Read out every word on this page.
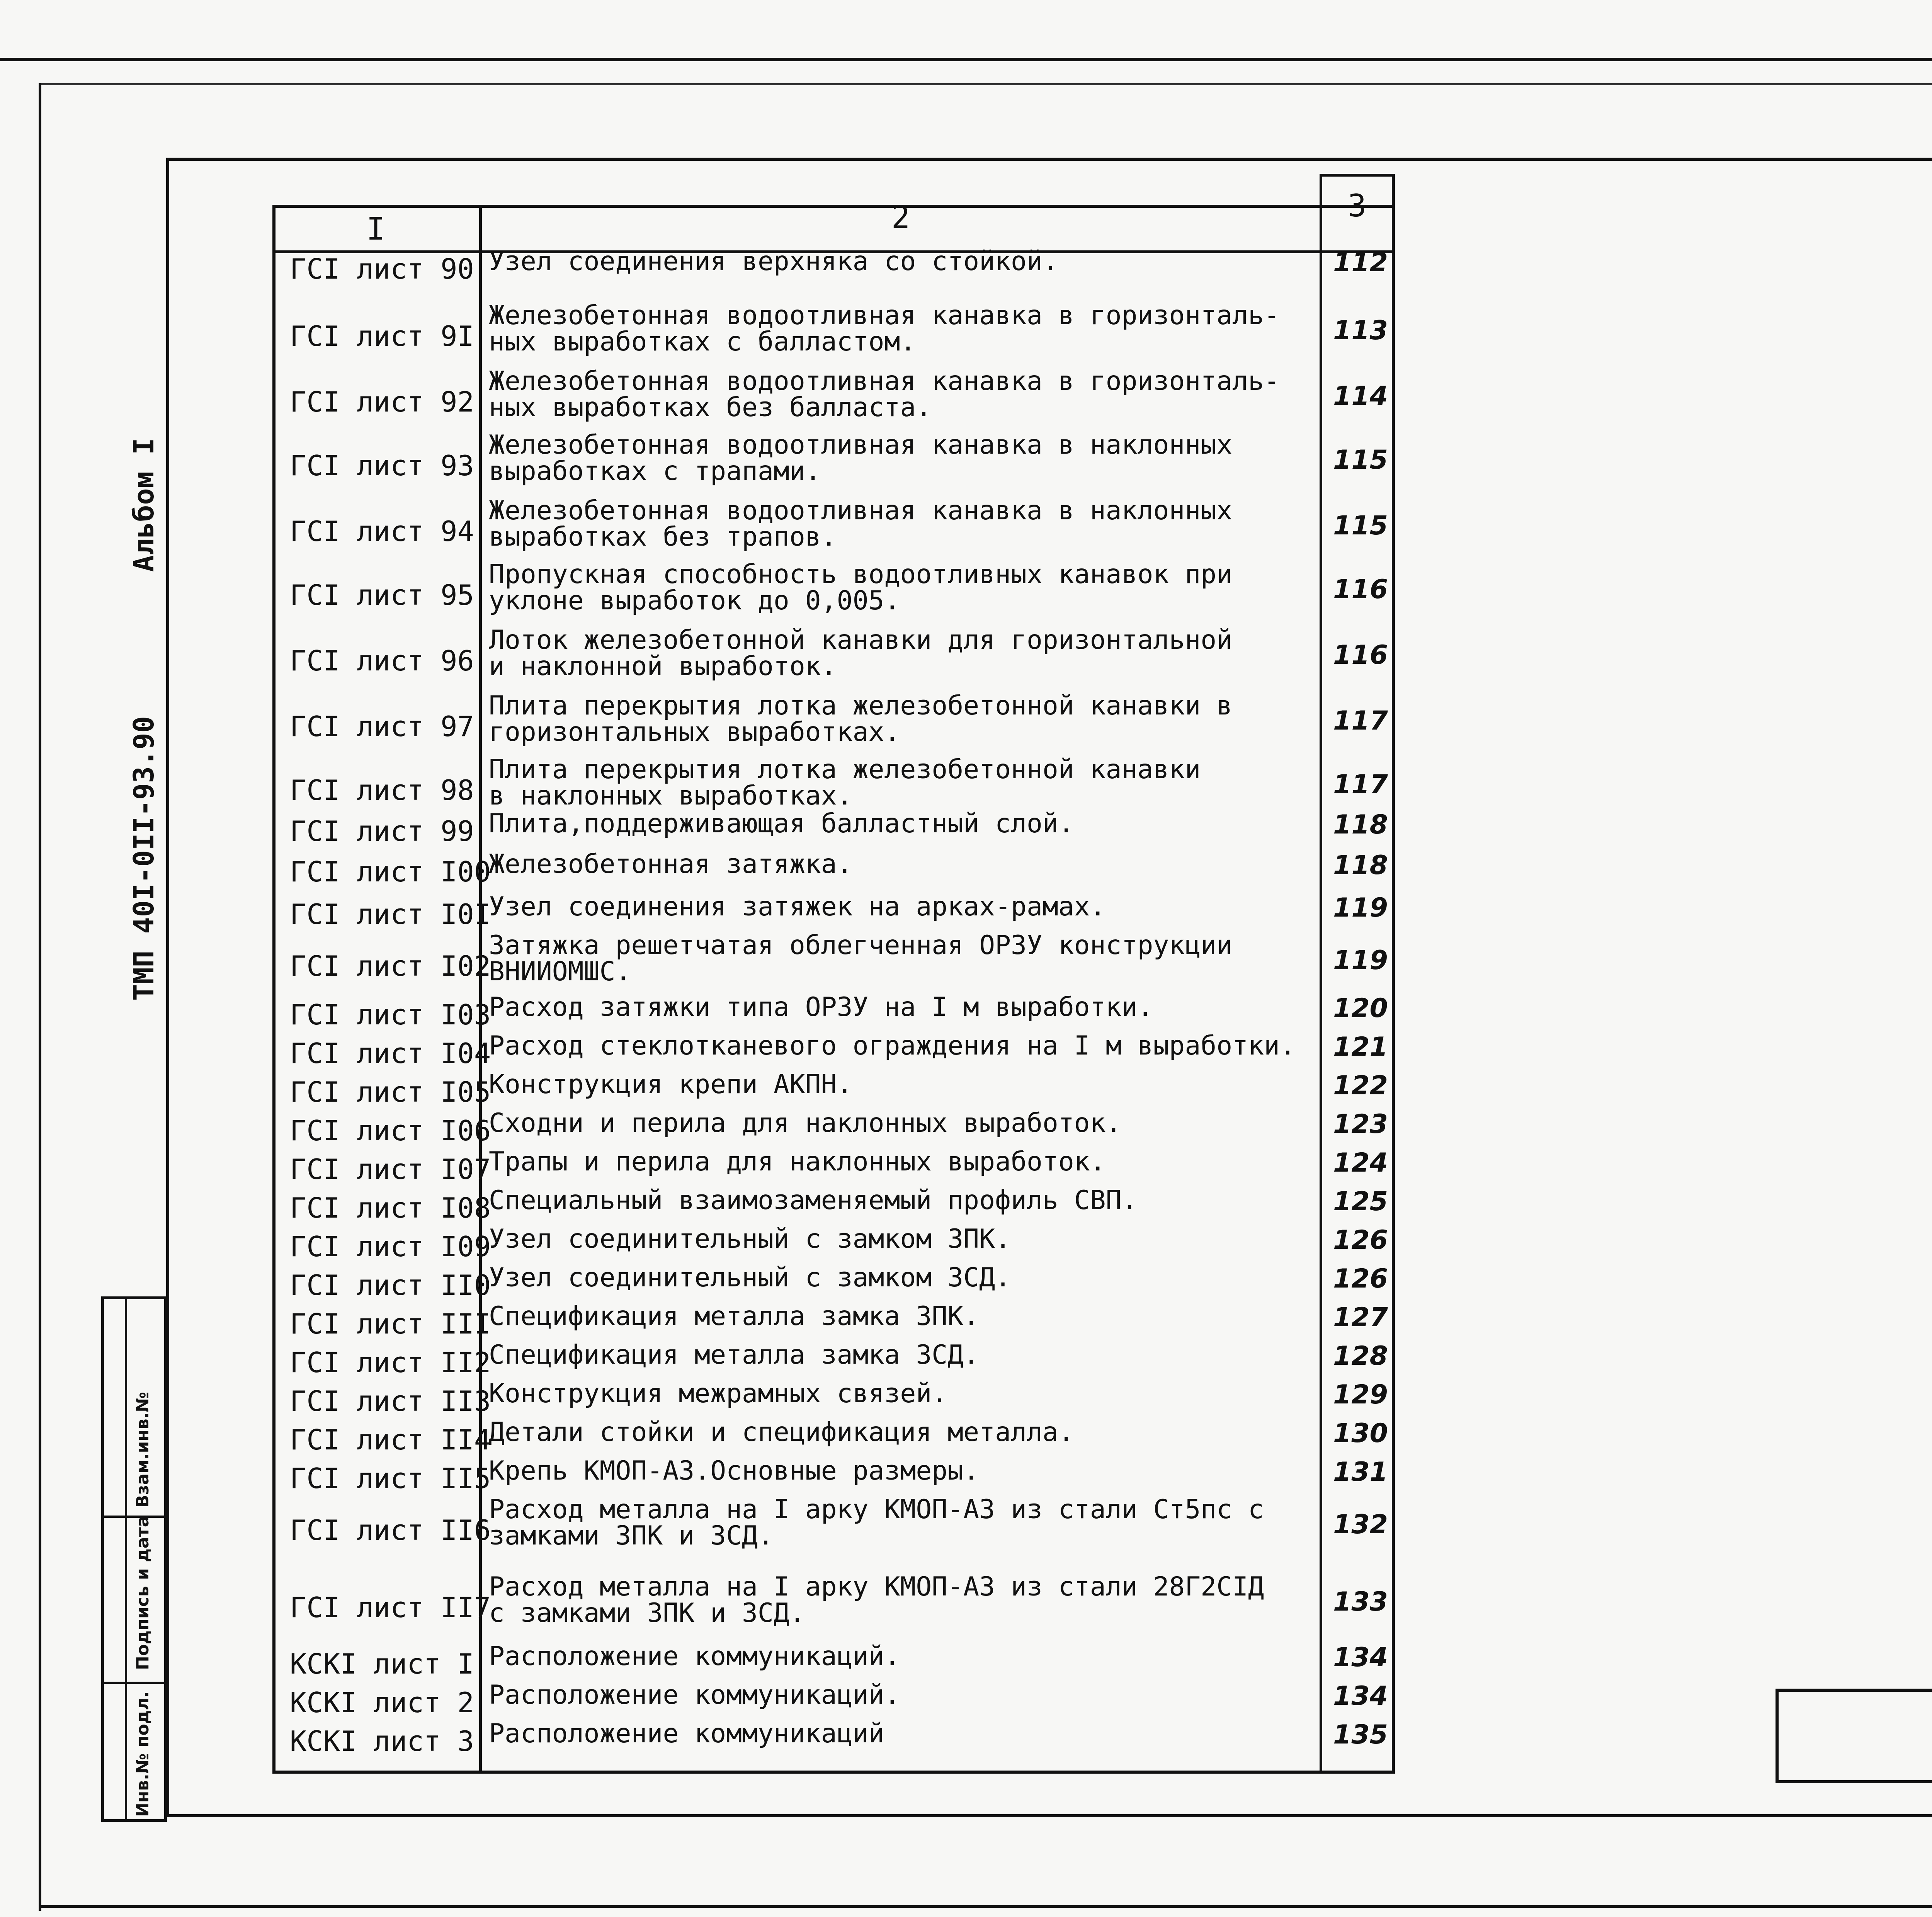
Альбом I
ТМП 40I-0II-93.90
Инв.№ подл.
Подпись и дата
Взам.инв.№
I	2	3
ГСI лист 90 Узел соединения верхняка со стойкой.	112
ГСI лист 9I
Железобетонная водоотливная канавка в горизонталь-
ных выработках с балластом.	113
ГСI лист 92
Железобетонная водоотливная канавка в горизонталь-
ных выработках без балласта.	114
ГСI лист 93
Железобетонная водоотливная канавка в наклонных
выработках с трапами.	115
ГСI лист 94
Железобетонная водоотливная канавка в наклонных
выработках без трапов.	115
ГСI лист 95
Пропускная способность водоотливных канавок при
уклоне выработок до 0,005.	116
ГСI лист 96
Лоток железобетонной канавки для горизонтальной
и наклонной выработок.	116
ГСI лист 97
Плита перекрытия лотка железобетонной канавки в
горизонтальных выработках.	117
ГСI лист 98
Плита перекрытия лотка железобетонной канавки
в наклонных выработках.	117
ГСI лист 99 Плита,поддерживающая балластный слой.	118
ГСI лист I00
Железобетонная затяжка.	118
ГСI лист I0I
Узел соединения затяжек на арках-рамах.	119
ГСI лист I02
Затяжка решетчатая облегченная ОРЗУ конструкции
ВНИИОМШС.	119
ГСI лист I03
Расход затяжки типа ОРЗУ на I м выработки.	120
ГСI лист I04
Расход стеклотканевого ограждения на I м выработки. 121
ГСI лист I05
Конструкция крепи АКПН.	122
ГСI лист I06
Сходни и перила для наклонных выработок.	123
ГСI лист I07
Трапы и перила для наклонных выработок.	124
ГСI лист I08
Специальный взаимозаменяемый профиль СВП.	125
ГСI лист I09
Узел соединительный с замком ЗПК.	126
ГСI лист II0
Узел соединительный с замком ЗСД.	126
ГСI лист III
Спецификация металла замка ЗПК.	127
ГСI лист II2
Спецификация металла замка ЗСД.	128
ГСI лист II3
Конструкция межрамных связей.	129
ГСI лист II4
Детали стойки и спецификация металла.	130
ГСI лист II5
Крепь КМОП-А3.Основные размеры.	131
ГСI лист II6
Расход металла на I арку КМОП-А3 из стали Ст5пс с
замками ЗПК и ЗСД.	132
ГСI лист II7
Расход металла на I арку КМОП-А3 из стали 28Г2СIД
с замками ЗПК и ЗСД.	133
КСКI лист I Расположение коммуникаций.	134
КСКI лист 2 Расположение коммуникаций.	134
КСКI лист 3 Расположение коммуникаций	135
